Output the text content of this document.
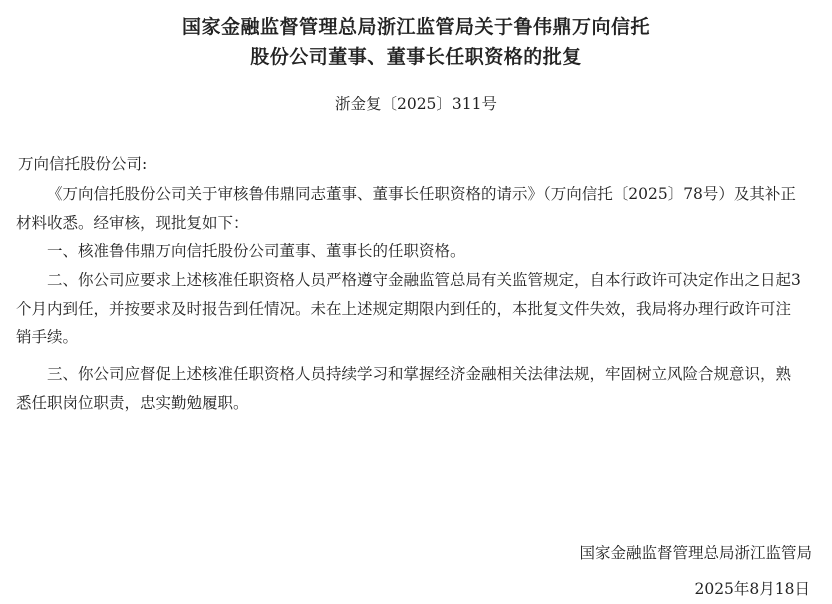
国家金融监督管理总局浙江监管局关于鲁伟鼎万向信托
股份公司董事、董事长任职资格的批复
浙金复〔2025〕311号
万向信托股份公司:
《万向信托股份公司关于审核鲁伟鼎同志董事、董事长任职资格的请示》（万向信托〔2025〕78号）及其补正材料收悉。经审核，现批复如下：
一、核准鲁伟鼎万向信托股份公司董事、董事长的任职资格。
二、你公司应要求上述核准任职资格人员严格遵守金融监管总局有关监管规定，自本行政许可决定作出之日起3个月内到任，并按要求及时报告到任情况。未在上述规定期限内到任的，本批复文件失效，我局将办理行政许可注销手续。
三、你公司应督促上述核准任职资格人员持续学习和掌握经济金融相关法律法规，牢固树立风险合规意识，熟悉任职岗位职责，忠实勤勉履职。
国家金融监督管理总局浙江监管局
2025年8月18日
